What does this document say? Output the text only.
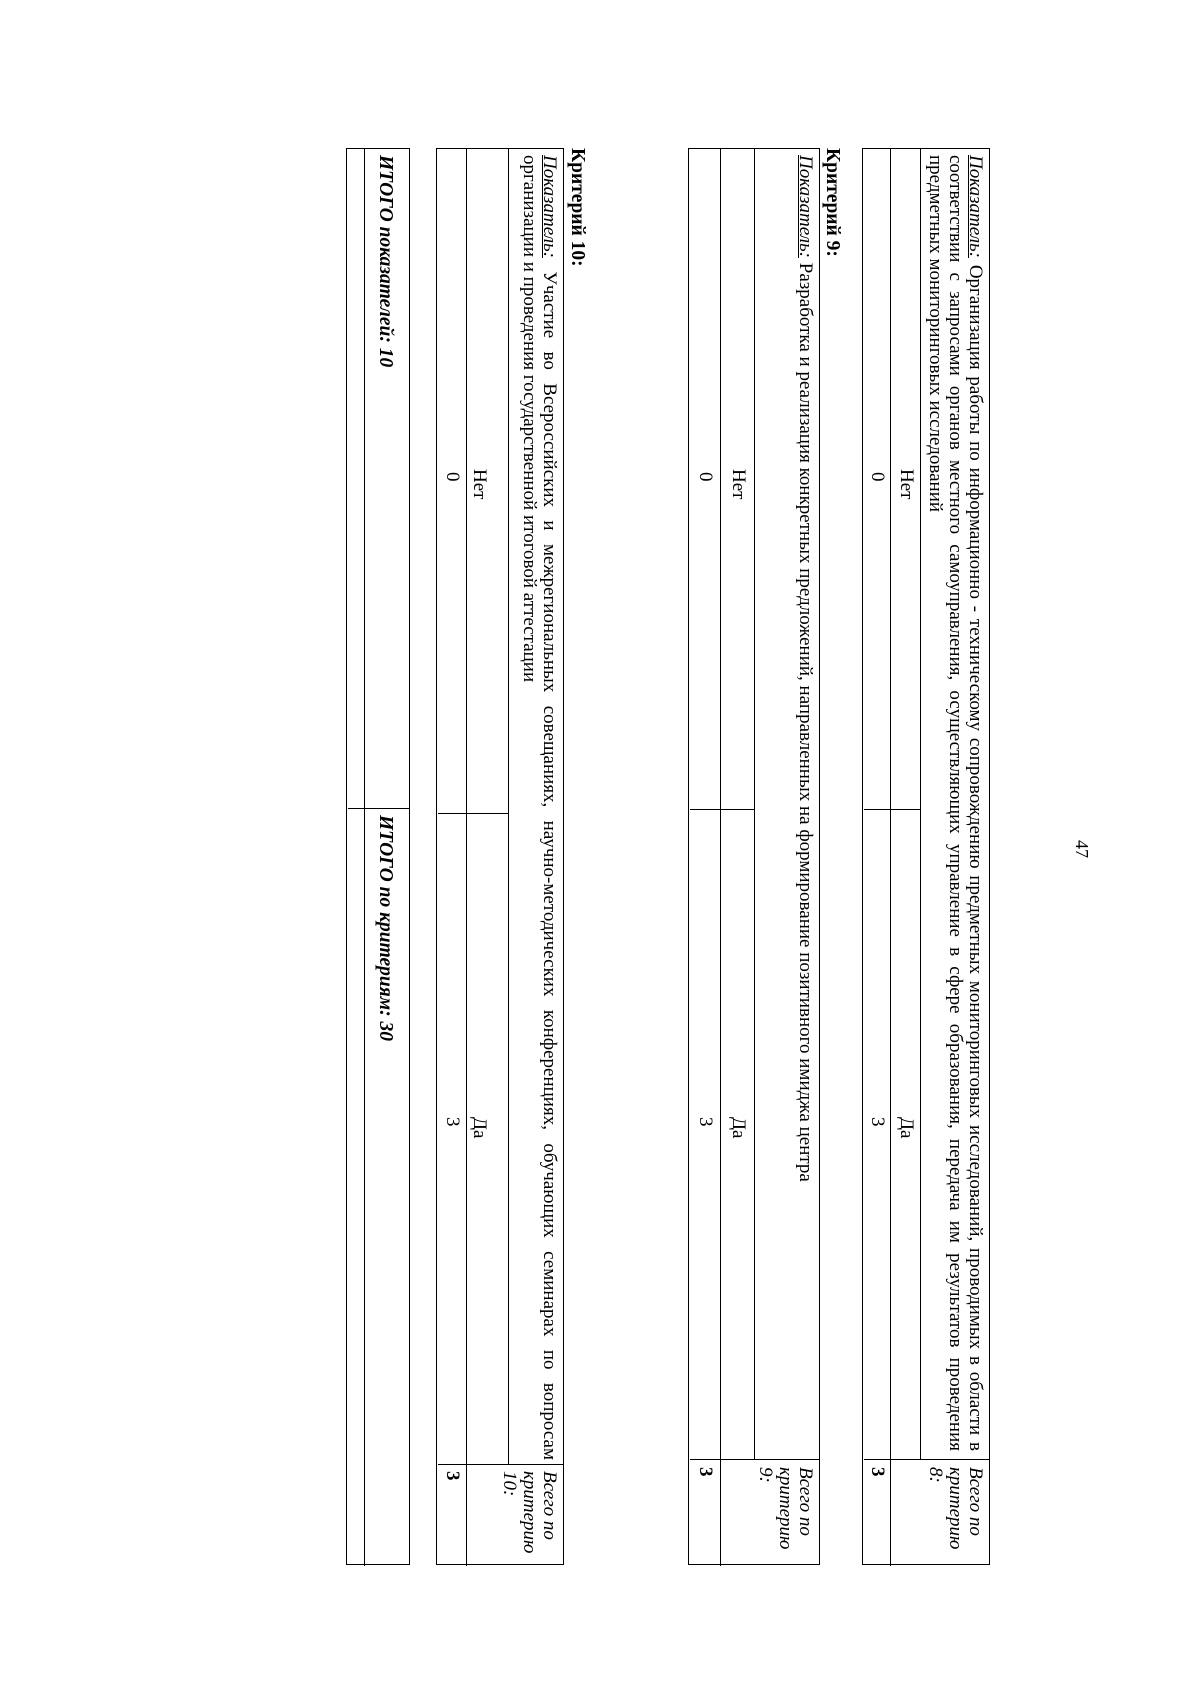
47
Показатель: Организация работы по информационно - техническому сопровождению предметных мониторинговых исследований, проводимых в области в соответствии с запросами органов местного самоуправления, осуществляющих управление в сфере образования, передача им результатов проведения предметных мониторинговых исследований
Всего по критерию 8:
Нет
Да
0
3
3
Критерий 9:
Показатель: Разработка и реализация конкретных предложений, направленных на формирование позитивного имиджа центра
Всего по критерию 9:
Нет
Да
0
3
3
Критерий 10:
Показатель: Участие во Всероссийских и межрегиональных совещаниях, научно-методических конференциях, обучающих семинарах по вопросам организации и проведения государственной итоговой аттестации
Всего по критерию 10:
Нет
Да
0
3
3
ИТОГО показателей: 10
ИТОГО по критериям: 30
